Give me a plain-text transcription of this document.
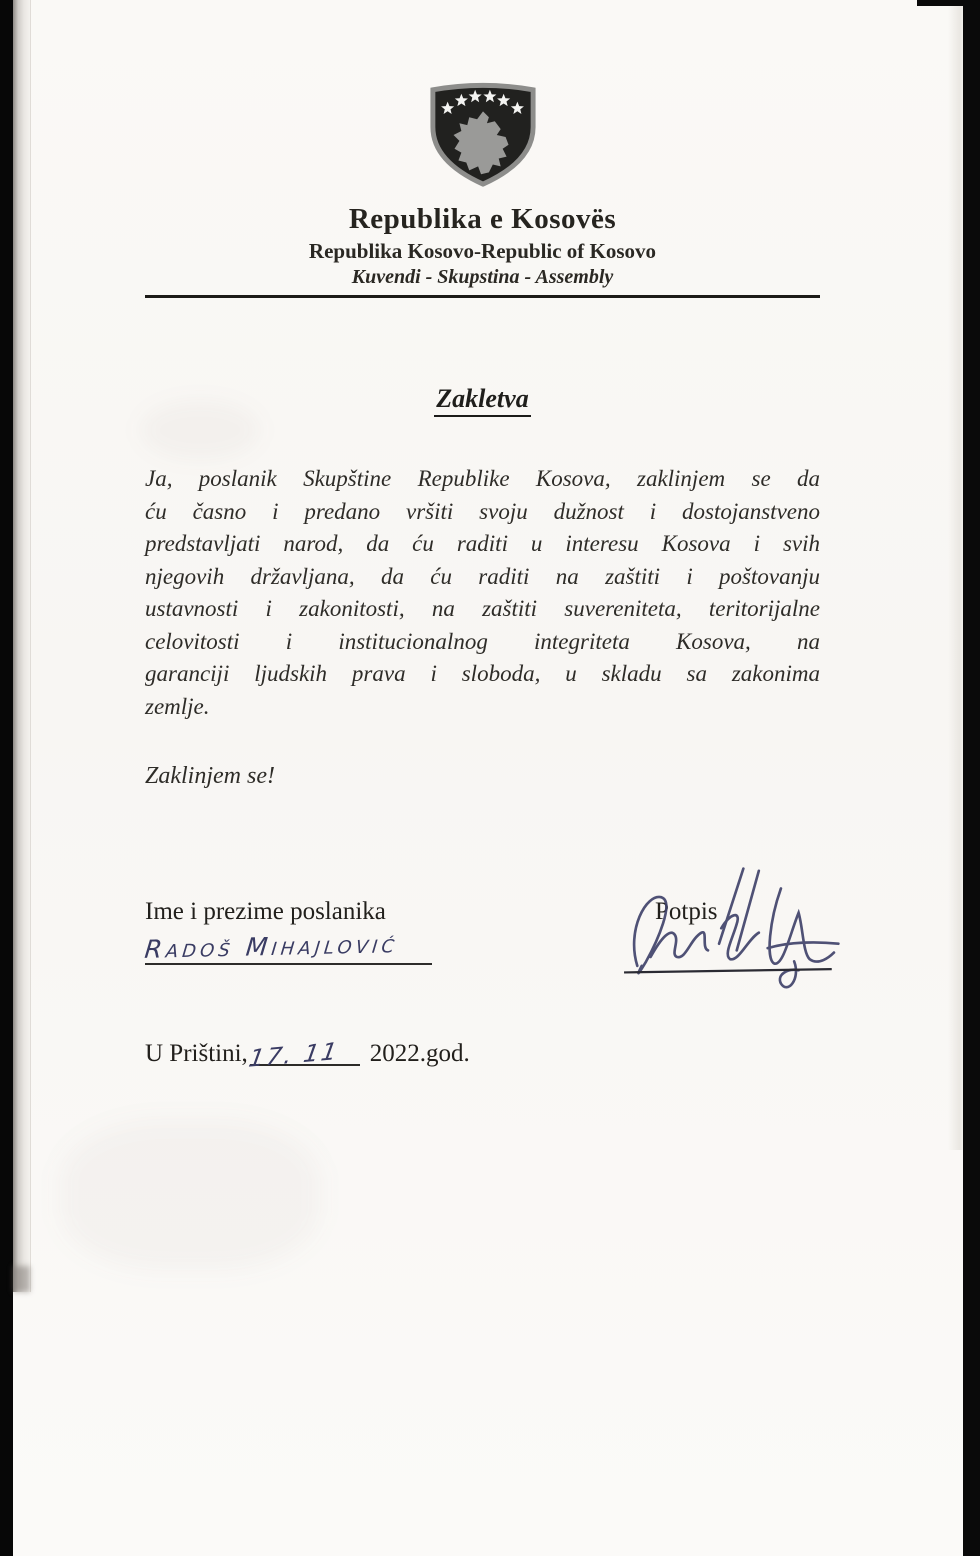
Republika e Kosovës
Republika Kosovo-Republic of Kosovo
Kuvendi - Skupstina - Assembly
Zakletva
Ja, poslanik Skupštine Republike Kosova, zaklinjem se da
ću časno i predano vršiti svoju dužnost i dostojanstveno
predstavljati narod, da ću raditi u interesu Kosova i svih
njegovih državljana, da ću raditi na zaštiti i poštovanju
ustavnosti i zakonitosti, na zaštiti suvereniteta, teritorijalne
celovitosti i institucionalnog integriteta Kosova, na
garanciji ljudskih prava i sloboda, u skladu sa zakonima
zemlje.
Zaklinjem se!
Ime i prezime poslanika
Radoš Mihajlović
Potpis
U Prištini,17. 11 2022.god.
